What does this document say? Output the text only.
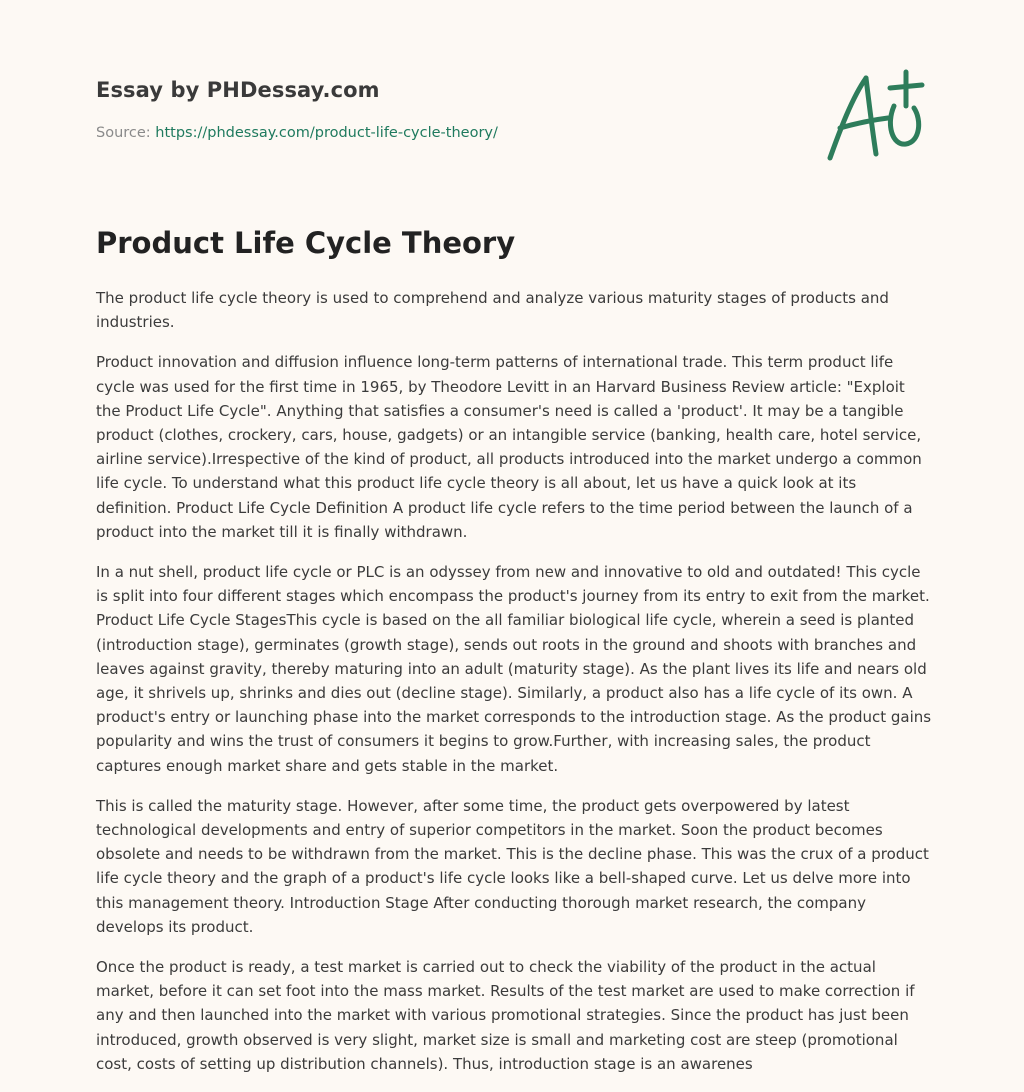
Essay by PHDessay.com
Source: https://phdessay.com/product-life-cycle-theory/
Product Life Cycle Theory

The product life cycle theory is used to comprehend and analyze various maturity stages of products and industries.

Product innovation and diffusion influence long-term patterns of international trade. This term product life cycle was used for the first time in 1965, by Theodore Levitt in an Harvard Business Review article: "Exploit the Product Life Cycle". Anything that satisfies a consumer's need is called a 'product'. It may be a tangible product (clothes, crockery, cars, house, gadgets) or an intangible service (banking, health care, hotel service, airline service).Irrespective of the kind of product, all products introduced into the market undergo a common life cycle. To understand what this product life cycle theory is all about, let us have a quick look at its definition. Product Life Cycle Definition A product life cycle refers to the time period between the launch of a product into the market till it is finally withdrawn.

In a nut shell, product life cycle or PLC is an odyssey from new and innovative to old and outdated! This cycle is split into four different stages which encompass the product's journey from its entry to exit from the market. Product Life Cycle StagesThis cycle is based on the all familiar biological life cycle, wherein a seed is planted (introduction stage), germinates (growth stage), sends out roots in the ground and shoots with branches and leaves against gravity, thereby maturing into an adult (maturity stage). As the plant lives its life and nears old age, it shrivels up, shrinks and dies out (decline stage). Similarly, a product also has a life cycle of its own. A product's entry or launching phase into the market corresponds to the introduction stage. As the product gains popularity and wins the trust of consumers it begins to grow.Further, with increasing sales, the product captures enough market share and gets stable in the market.

This is called the maturity stage. However, after some time, the product gets overpowered by latest technological developments and entry of superior competitors in the market. Soon the product becomes obsolete and needs to be withdrawn from the market. This is the decline phase. This was the crux of a product life cycle theory and the graph of a product's life cycle looks like a bell-shaped curve. Let us delve more into this management theory. Introduction Stage After conducting thorough market research, the company develops its product.

Once the product is ready, a test market is carried out to check the viability of the product in the actual market, before it can set foot into the mass market. Results of the test market are used to make correction if any and then launched into the market with various promotional strategies. Since the product has just been introduced, growth observed is very slight, market size is small and marketing cost are steep (promotional cost, costs of setting up distribution channels). Thus, introduction stage is an awarenes
